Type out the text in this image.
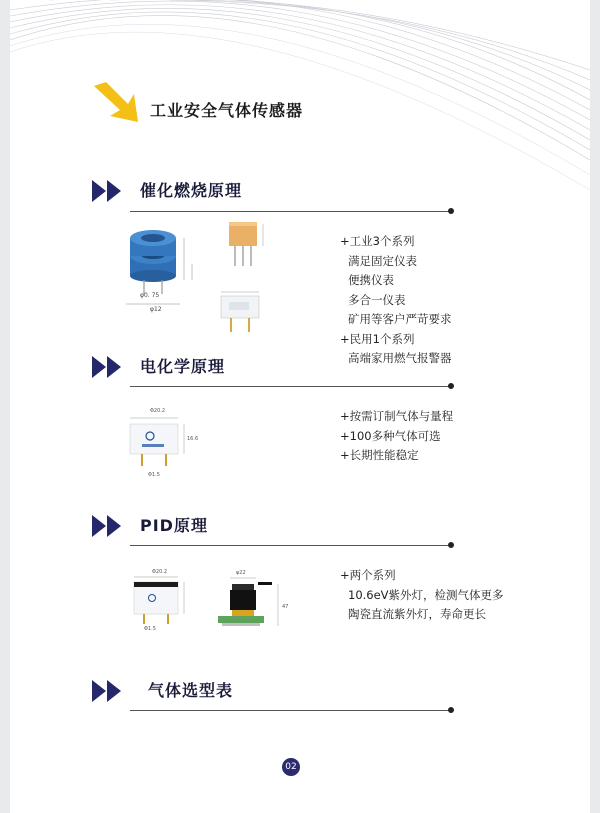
工业安全气体传感器
催化燃烧原理
φ0. 75
φ12
+工业3个系列
满足固定仪表
便携仪表
多合一仪表
矿用等客户严苛要求
+民用1个系列
高端家用燃气报警器
电化学原理
Φ20.2
Φ1.5
16.6
+按需订制气体与量程
+100多种气体可选
+长期性能稳定
PID原理
Φ20.2
Φ1.5
φ22
47
+两个系列
10.6eV紫外灯，检测气体更多
陶瓷直流紫外灯，寿命更长
气体选型表
02
